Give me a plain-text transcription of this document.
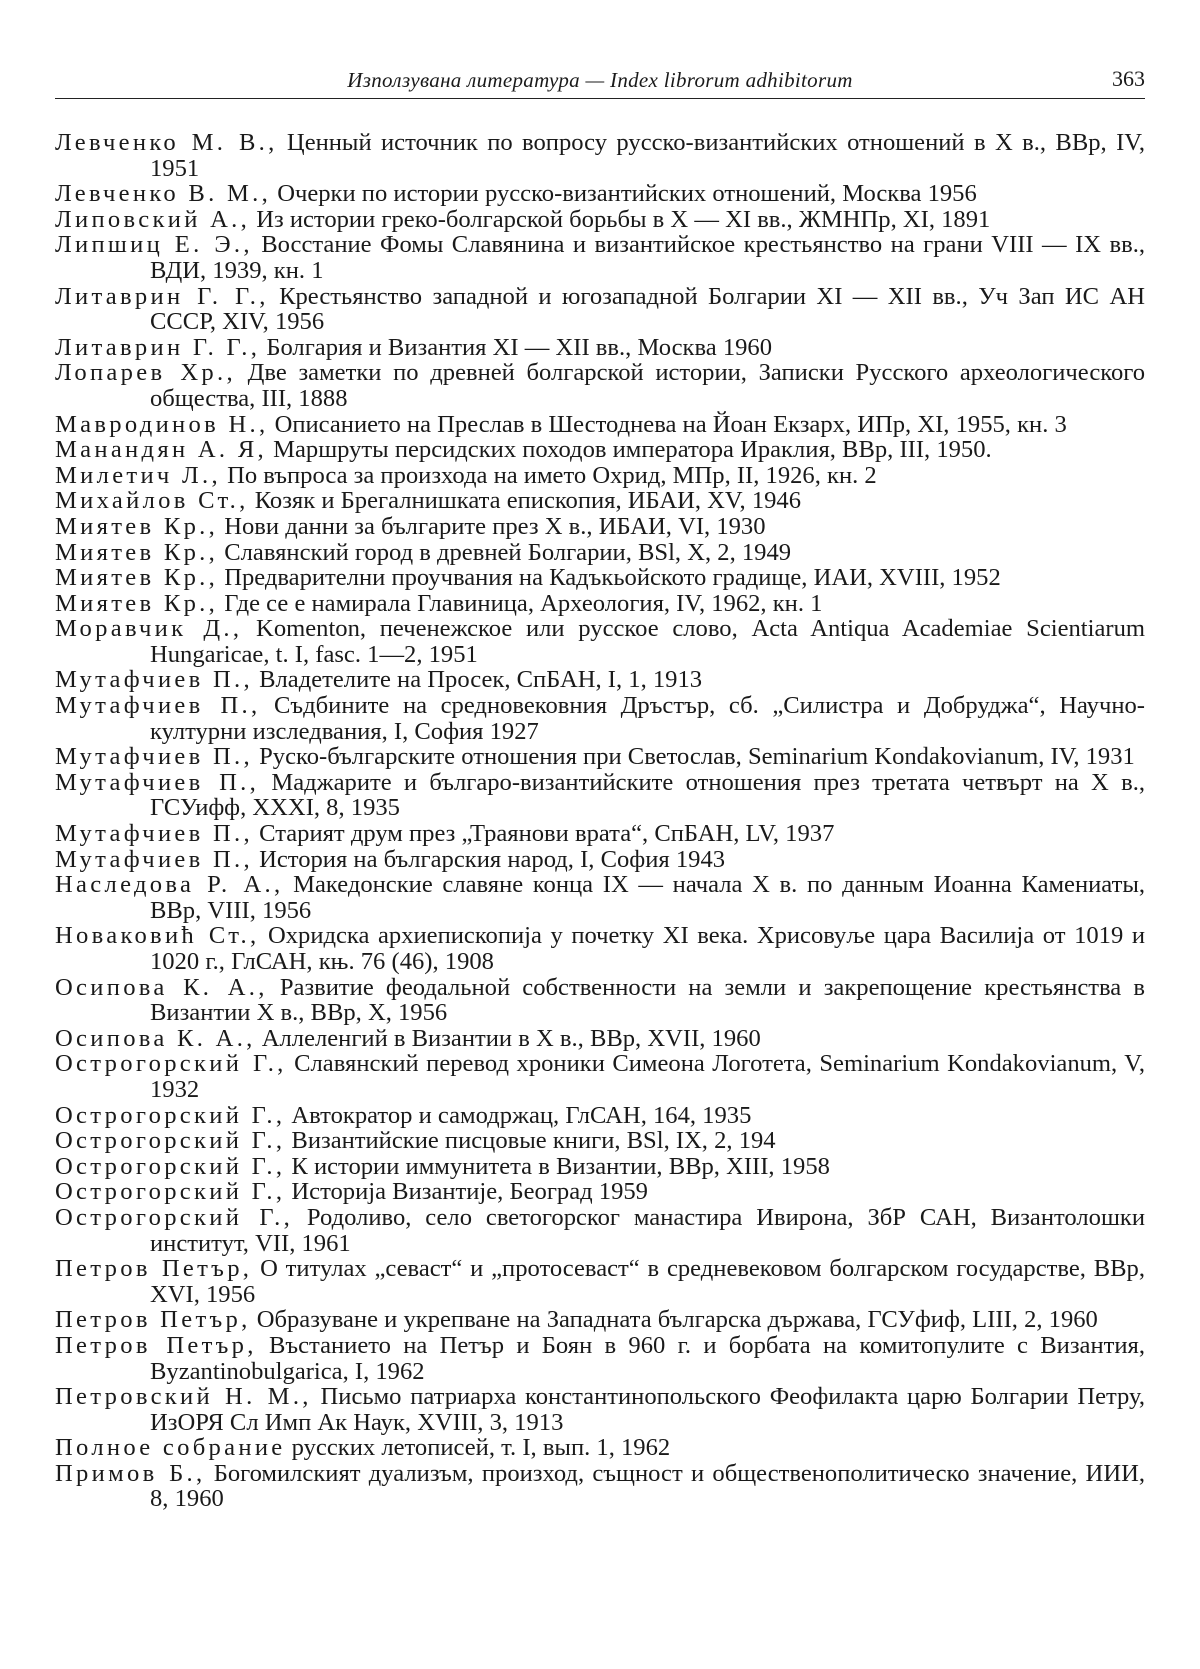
Използувана литература — Index librorum adhibitorum	363
Левченко М. В., Ценный источник по вопросу русско-византийских отношений в X в., ВВр, IV, 1951
Левченко В. М., Очерки по истории русско-византийских отношений, Москва 1956
Липовский А., Из истории греко-болгарской борьбы в X — XI вв., ЖМНПр, XI, 1891
Липшиц Е. Э., Восстание Фомы Славянина и византийское крестьянство на грани VIII — IX вв., ВДИ, 1939, кн. 1
Литаврин Г. Г., Крестьянство западной и югозападной Болгарии XI — XII вв., Уч Зап ИС АН СССР, XIV, 1956
Литаврин Г. Г., Болгария и Византия XI — XII вв., Москва 1960
Лопарев Хр., Две заметки по древней болгарской истории, Записки Русского археологического общества, III, 1888
Мавродинов Н., Описанието на Преслав в Шестоднева на Йоан Екзарх, ИПр, XI, 1955, кн. 3
Манандян А. Я, Маршруты персидских походов императора Ираклия, ВВр, III, 1950.
Милетич Л., По въпроса за произхода на името Охрид, МПр, II, 1926, кн. 2
Михайлов Ст., Козяк и Брегалнишката епископия, ИБАИ, XV, 1946
Миятев Кр., Нови данни за българите през X в., ИБАИ, VI, 1930
Миятев Кр., Славянский город в древней Болгарии, BSl, X, 2, 1949
Миятев Кр., Предварителни проучвания на Кадъкьойското градище, ИАИ, XVIII, 1952
Миятев Кр., Где се е намирала Главиница, Археология, IV, 1962, кн. 1
Моравчик Д., Komenton, печенежское или русское слово, Acta Antiqua Academiae Scientiarum Hungaricae, t. I, fasc. 1—2, 1951
Мутафчиев П., Владетелите на Просек, СпБАН, I, 1, 1913
Мутафчиев П., Съдбините на средновековния Дръстър, сб. „Силистра и Добруджа“, Научно-културни изследвания, I, София 1927
Мутафчиев П., Руско-българските отношения при Светослав, Seminarium Kondakovianum, IV, 1931
Мутафчиев П., Маджарите и българо-византийските отношения през третата четвърт на X в., ГСУифф, XXXI, 8, 1935
Мутафчиев П., Старият друм през „Траянови врата“, СпБАН, LV, 1937
Мутафчиев П., История на българския народ, I, София 1943
Наследова Р. А., Македонские славяне конца IX — начала X в. по данным Иоанна Камениаты, ВВр, VIII, 1956
Новаковић Ст., Охридска архиепископија у почетку XI века. Хрисовуље цара Василија от 1019 и 1020 г., ГлСАН, књ. 76 (46), 1908
Осипова К. А., Развитие феодальной собственности на земли и закрепощение крестьянства в Византии X в., ВВр, X, 1956
Осипова К. А., Аллеленгий в Византии в X в., ВВр, XVII, 1960
Острогорский Г., Славянский перевод хроники Симеона Логотета, Seminarium Kondakovianum, V, 1932
Острогорский Г., Автократор и самодржац, ГлСАН, 164, 1935
Острогорский Г., Византийские писцовые книги, BSl, IX, 2, 194
Острогорский Г., К истории иммунитета в Византии, ВВр, XIII, 1958
Острогорский Г., Историја Византије, Београд 1959
Острогорский Г., Родоливо, село светогорског манастира Ивирона, ЗбР САН, Византолошки институт, VII, 1961
Петров Петър, О титулах „севаст“ и „протосеваст“ в средневековом болгарском государстве, ВВр, XVI, 1956
Петров Петър, Образуване и укрепване на Западната българска държава, ГСУфиф, LIII, 2, 1960
Петров Петър, Въстанието на Петър и Боян в 960 г. и борбата на комитопулите с Византия, Byzantinobulgarica, I, 1962
Петровский Н. М., Письмо патриарха константинопольского Феофилакта царю Болгарии Петру, ИзОРЯ Сл Имп Ак Наук, XVIII, 3, 1913
Полное собрание русских летописей, т. I, вып. 1, 1962
Примов Б., Богомилският дуализъм, произход, същност и общественополитическо значение, ИИИ, 8, 1960
